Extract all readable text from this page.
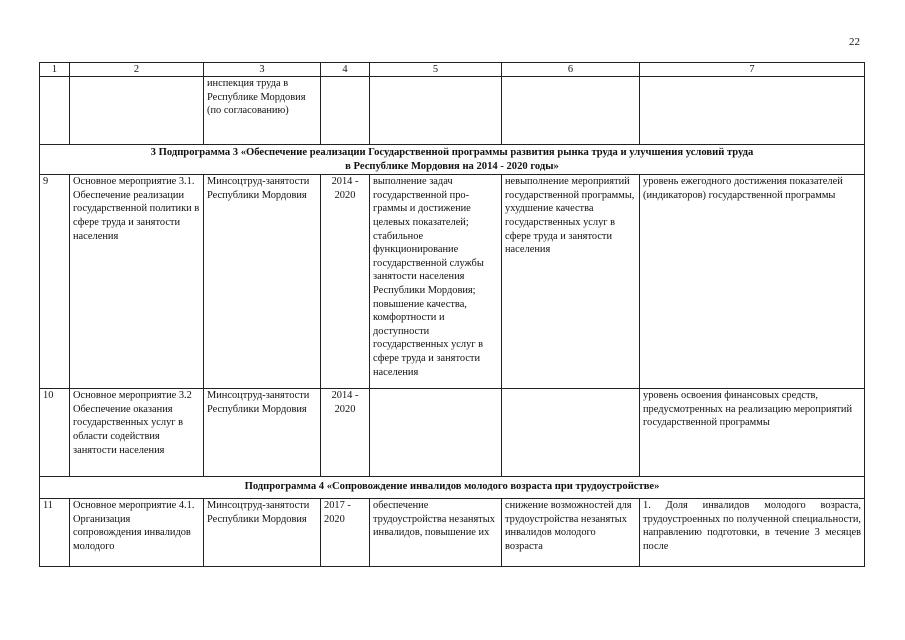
22
1	2	3	4	5	6	7
		инспекция труда в Республике Мордовия (по согласованию)				

3 Подпрограмма 3 «Обеспечение реализации Государственной программы развития рынка труда и улучшения условий труда
в Республике Мордовия на 2014 - 2020 годы»						

9	Основное мероприятие 3.1. Обеспечение реализации государственной политики в сфере труда и занятости населения	Минсоцтруд-занятости Республики Мордовия	2014 - 2020	выполнение задач государственной про-граммы и достижение целевых показателей; стабильное функционирование государственной службы занятости населения Республики Мордовия; повышение качества, комфортности и доступности государственных услуг в сфере труда и занятости населения	невыполнение мероприятий государственной программы, ухудшение качества государственных услуг в сфере труда и занятости населения	уровень ежегодного достижения показателей (индикаторов) государственной программы
10	Основное мероприятие 3.2 Обеспечение оказания государственных услуг в области содействия занятости населения	Минсоцтруд-занятости Республики Мордовия	2014 - 2020			уровень освоения финансовых средств, предусмотренных на реализацию мероприятий государственной программы
Подпрограмма 4 «Сопровождение инвалидов молодого возраста при трудоустройстве»						
11	Основное мероприятие 4.1. Организация сопровождения инвалидов молодого	Минсоцтруд-занятости Республики Мордовия	2017 - 2020	обеспечение трудоустройства незанятых инвалидов, повышение их	снижение возможностей для трудоустройства незанятых инвалидов молодого возраста	1. Доля инвалидов молодого возраста, трудоустроенных по полученной специальности, направлению подготовки, в течение 3 месяцев после
